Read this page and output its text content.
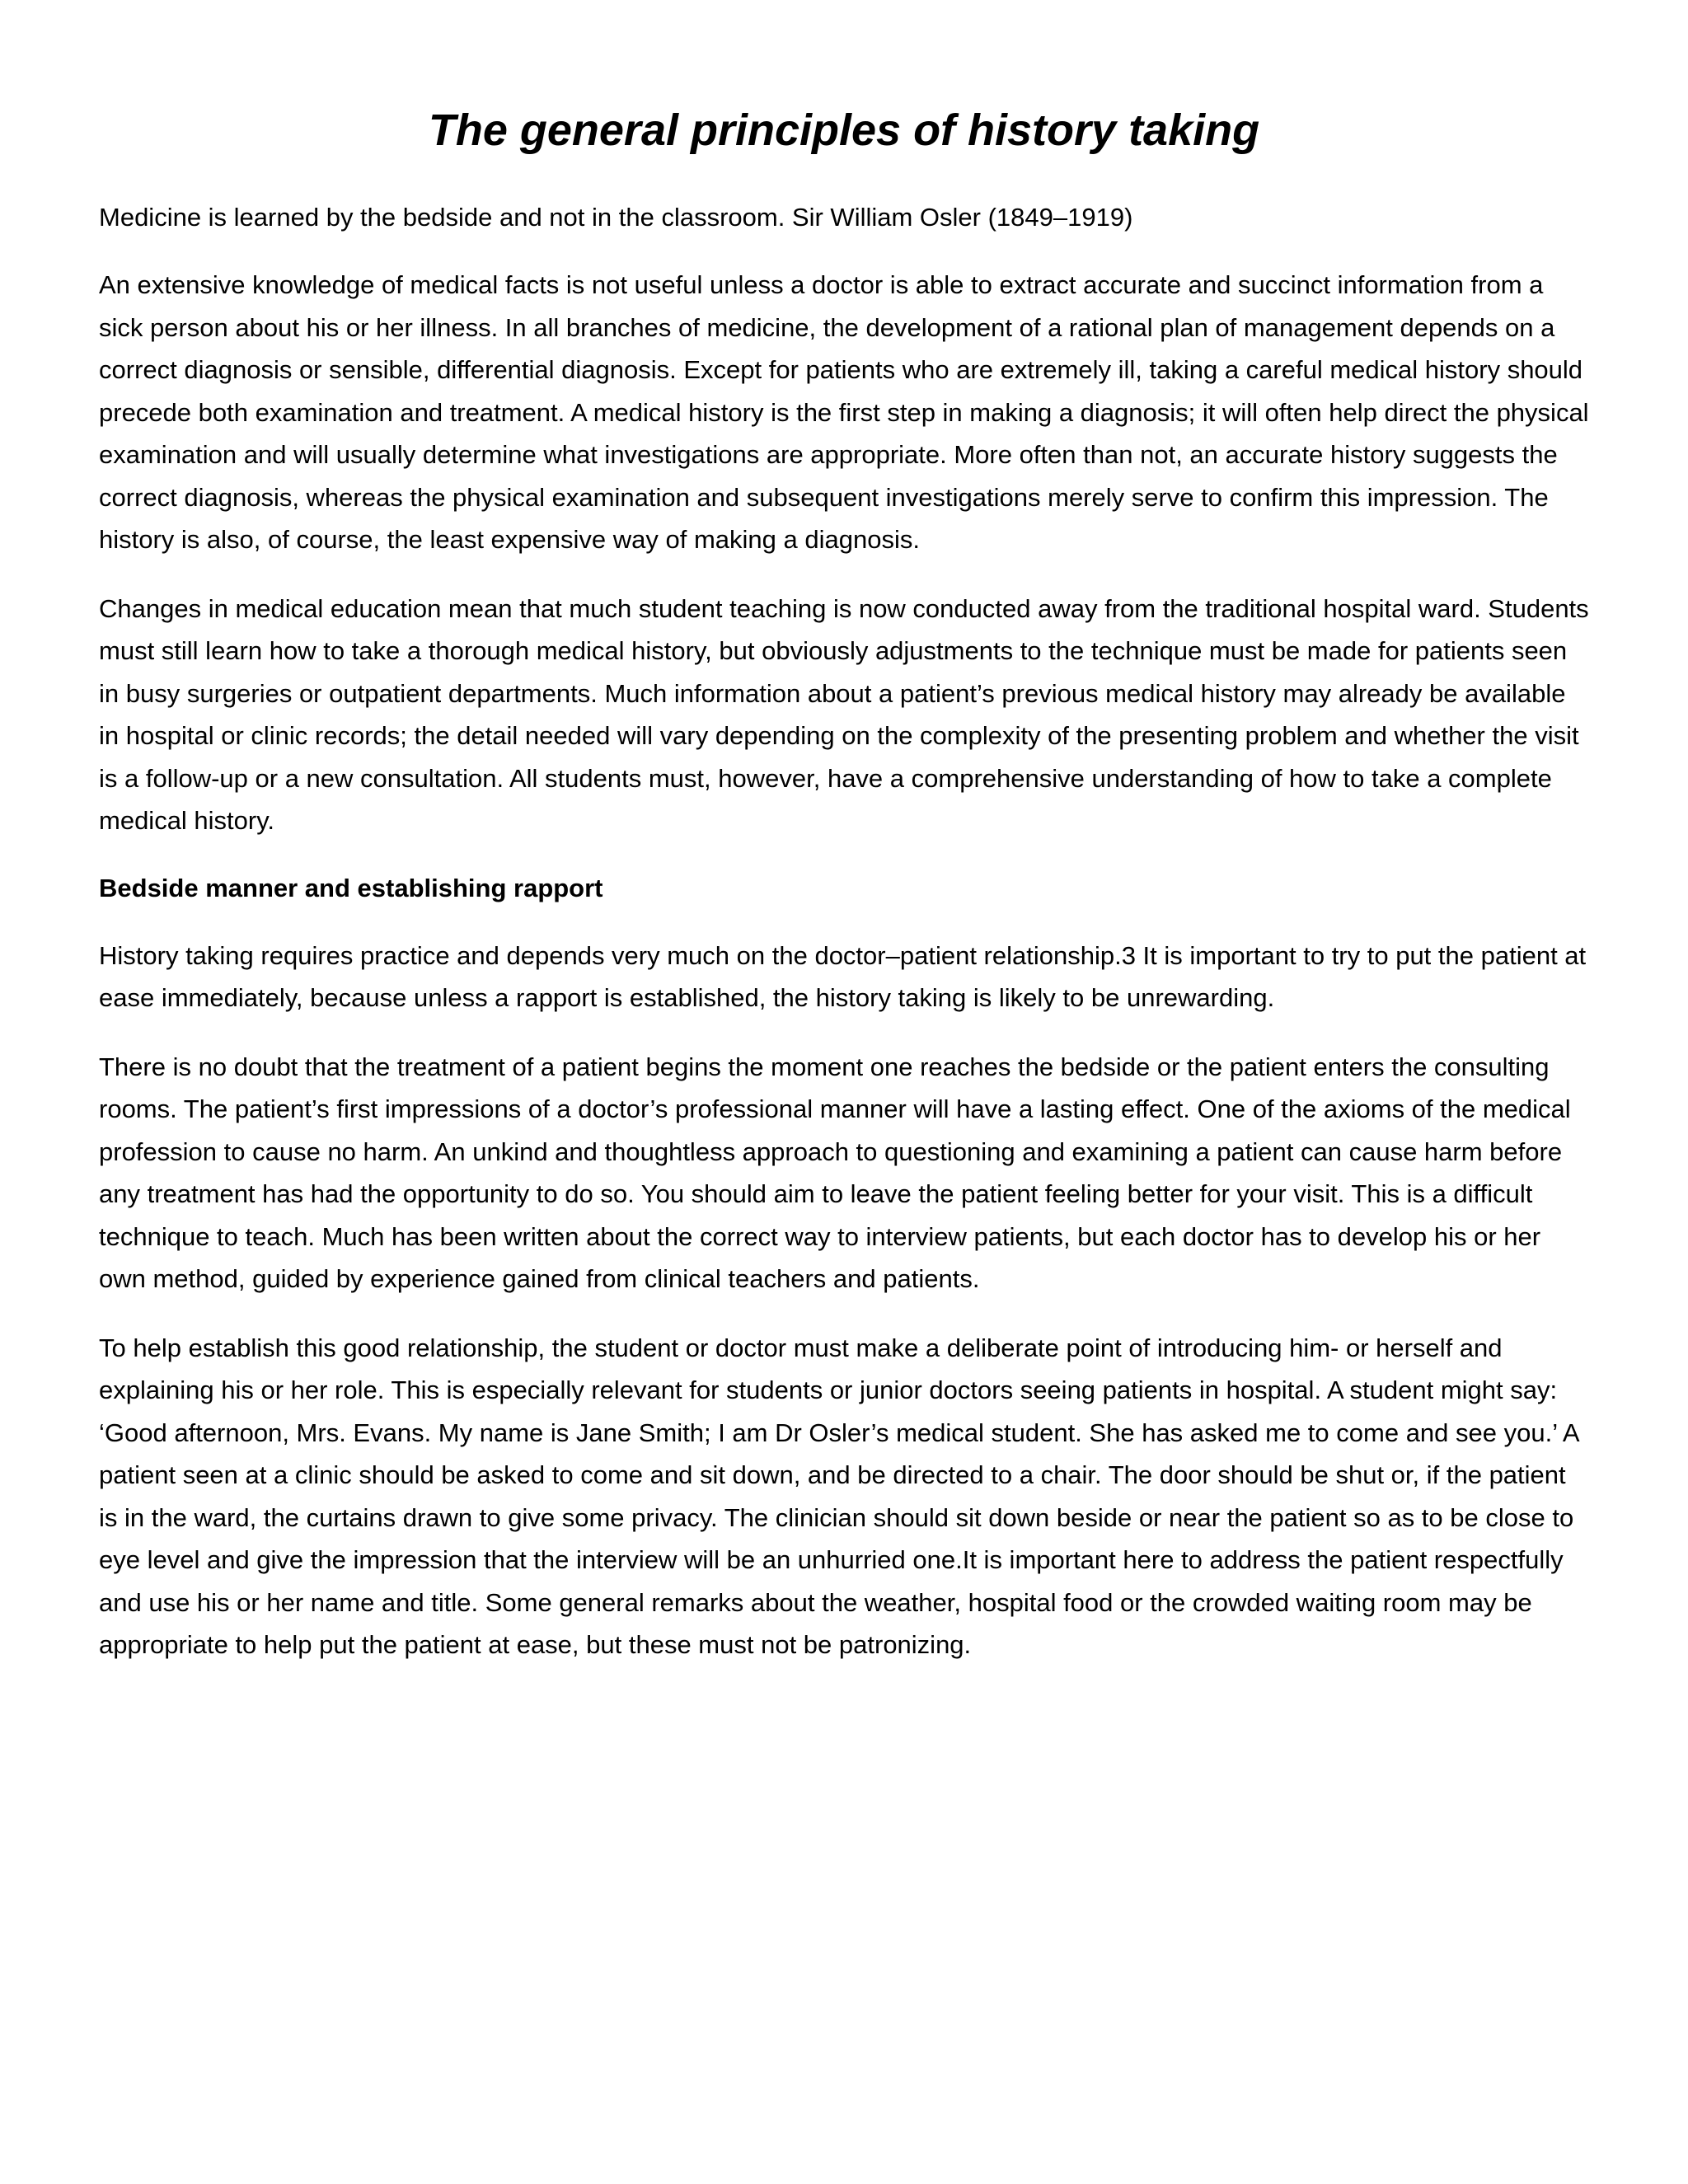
The general principles of history taking

Medicine is learned by the bedside and not in the classroom. Sir William Osler (1849–1919)

An extensive knowledge of medical facts is not useful unless a doctor is able to extract accurate and succinct information from a sick person about his or her illness. In all branches of medicine, the development of a rational plan of management depends on a correct diagnosis or sensible, differential diagnosis. Except for patients who are extremely ill, taking a careful medical history should precede both examination and treatment. A medical history is the first step in making a diagnosis; it will often help direct the physical examination and will usually determine what investigations are appropriate. More often than not, an accurate history suggests the correct diagnosis, whereas the physical examination and subsequent investigations merely serve to confirm this impression. The history is also, of course, the least expensive way of making a diagnosis.

Changes in medical education mean that much student teaching is now conducted away from the traditional hospital ward. Students must still learn how to take a thorough medical history, but obviously adjustments to the technique must be made for patients seen in busy surgeries or outpatient departments. Much information about a patient’s previous medical history may already be available in hospital or clinic records; the detail needed will vary depending on the complexity of the presenting problem and whether the visit is a follow-up or a new consultation. All students must, however, have a comprehensive understanding of how to take a complete medical history.

Bedside manner and establishing rapport

History taking requires practice and depends very much on the doctor–patient relationship.3 It is important to try to put the patient at ease immediately, because unless a rapport is established, the history taking is likely to be unrewarding.

There is no doubt that the treatment of a patient begins the moment one reaches the bedside or the patient enters the consulting rooms. The patient’s first impressions of a doctor’s professional manner will have a lasting effect. One of the axioms of the medical profession to cause no harm. An unkind and thoughtless approach to questioning and examining a patient can cause harm before any treatment has had the opportunity to do so. You should aim to leave the patient feeling better for your visit. This is a difficult technique to teach. Much has been written about the correct way to interview patients, but each doctor has to develop his or her own method, guided by experience gained from clinical teachers and patients.

To help establish this good relationship, the student or doctor must make a deliberate point of introducing him- or herself and explaining his or her role. This is especially relevant for students or junior doctors seeing patients in hospital. A student might say: ‘Good afternoon, Mrs. Evans. My name is Jane Smith; I am Dr Osler’s medical student. She has asked me to come and see you.’ A patient seen at a clinic should be asked to come and sit down, and be directed to a chair. The door should be shut or, if the patient is in the ward, the curtains drawn to give some privacy. The clinician should sit down beside or near the patient so as to be close to eye level and give the impression that the interview will be an unhurried one.It is important here to address the patient respectfully and use his or her name and title. Some general remarks about the weather, hospital food or the crowded waiting room may be appropriate to help put the patient at ease, but these must not be patronizing.
